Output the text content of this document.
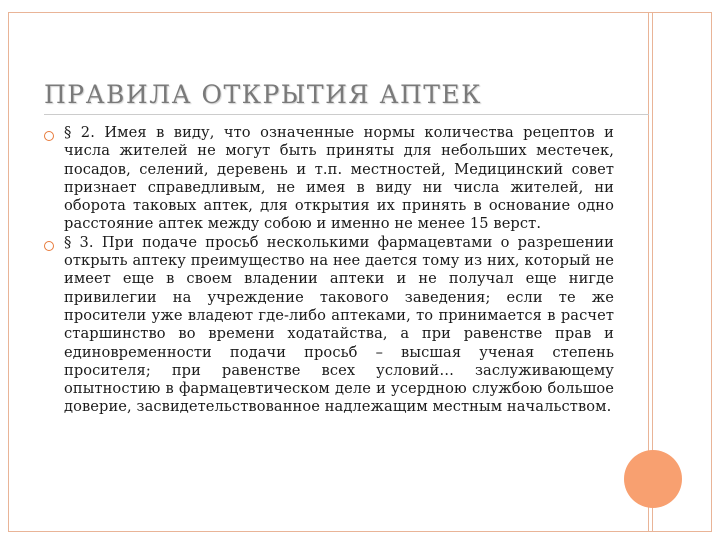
ПРАВИЛА ОТКРЫТИЯ АПТЕК
§ 2. Имея в виду, что означенные нормы количества рецептов и числа жителей не могут быть приняты для небольших местечек, посадов, селений, деревень и т.п. местностей, Медицинский совет признает справедливым, не имея в виду ни числа жителей, ни оборота таковых аптек, для открытия их принять в основание одно расстояние аптек между собою и именно не менее 15 верст.
§ 3. При подаче просьб несколькими фармацевтами о разрешении открыть аптеку преимущество на нее дается тому из них, который не имеет еще в своем владении аптеки и не получал еще нигде привилегии на учреждение такового заведения; если те же просители уже владеют где-либо аптеками, то принимается в расчет старшинство во времени ходатайства, а при равенстве прав и единовременности подачи просьб – высшая ученая степень просителя; при равенстве всех условий… заслуживающему опытностию в фармацевтическом деле и усердною службою большое доверие, засвидетельствованное надлежащим местным начальством.
